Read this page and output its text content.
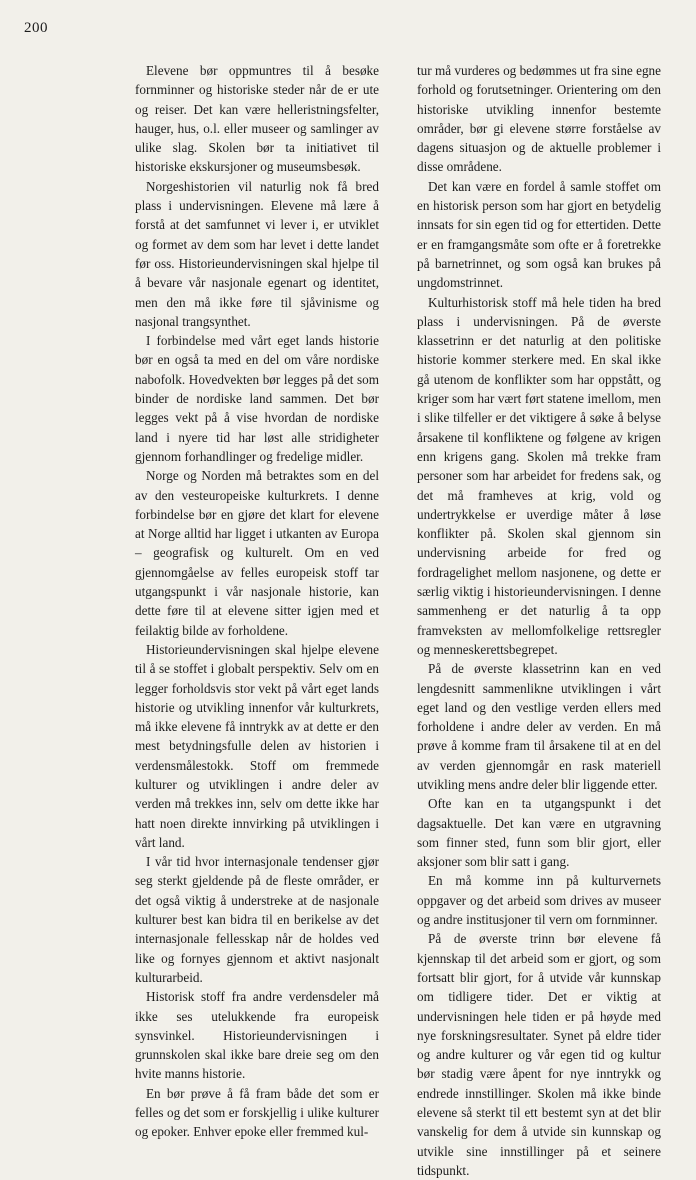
200

Elevene bør oppmuntres til å besøke fornminner og historiske steder når de er ute og reiser. Det kan være helleristningsfelter, hauger, hus, o.l. eller museer og samlinger av ulike slag. Skolen bør ta initiativet til historiske ekskursjoner og museumsbesøk.

Norgeshistorien vil naturlig nok få bred plass i undervisningen. Elevene må lære å forstå at det samfunnet vi lever i, er utviklet og formet av dem som har levet i dette landet før oss. Historieundervisningen skal hjelpe til å bevare vår nasjonale egenart og identitet, men den må ikke føre til sjåvinisme og nasjonal trangsynthet.

I forbindelse med vårt eget lands historie bør en også ta med en del om våre nordiske nabofolk. Hovedvekten bør legges på det som binder de nordiske land sammen. Det bør legges vekt på å vise hvordan de nordiske land i nyere tid har løst alle stridigheter gjennom forhandlinger og fredelige midler.

Norge og Norden må betraktes som en del av den vesteuropeiske kulturkrets. I denne forbindelse bør en gjøre det klart for elevene at Norge alltid har ligget i utkanten av Europa – geografisk og kulturelt. Om en ved gjennomgåelse av felles europeisk stoff tar utgangspunkt i vår nasjonale historie, kan dette føre til at elevene sitter igjen med et feilaktig bilde av forholdene.

Historieundervisningen skal hjelpe elevene til å se stoffet i globalt perspektiv. Selv om en legger forholdsvis stor vekt på vårt eget lands historie og utvikling innenfor vår kulturkrets, må ikke elevene få inntrykk av at dette er den mest betydningsfulle delen av historien i verdensmålestokk. Stoff om fremmede kulturer og utviklingen i andre deler av verden må trekkes inn, selv om dette ikke har hatt noen direkte innvirking på utviklingen i vårt land.

I vår tid hvor internasjonale tendenser gjør seg sterkt gjeldende på de fleste områder, er det også viktig å understreke at de nasjonale kulturer best kan bidra til en berikelse av det internasjonale fellesskap når de holdes ved like og fornyes gjennom et aktivt nasjonalt kulturarbeid.

Historisk stoff fra andre verdensdeler må ikke ses utelukkende fra europeisk synsvinkel. Historieundervisningen i grunnskolen skal ikke bare dreie seg om den hvite manns historie.

En bør prøve å få fram både det som er felles og det som er forskjellig i ulike kulturer og epoker. Enhver epoke eller fremmed kul-

tur må vurderes og bedømmes ut fra sine egne forhold og forutsetninger. Orientering om den historiske utvikling innenfor bestemte områder, bør gi elevene større forståelse av dagens situasjon og de aktuelle problemer i disse områdene.

Det kan være en fordel å samle stoffet om en historisk person som har gjort en betydelig innsats for sin egen tid og for ettertiden. Dette er en framgangsmåte som ofte er å foretrekke på barnetrinnet, og som også kan brukes på ungdomstrinnet.

Kulturhistorisk stoff må hele tiden ha bred plass i undervisningen. På de øverste klassetrinn er det naturlig at den politiske historie kommer sterkere med. En skal ikke gå utenom de konflikter som har oppstått, og kriger som har vært ført statene imellom, men i slike tilfeller er det viktigere å søke å belyse årsakene til konfliktene og følgene av krigen enn krigens gang. Skolen må trekke fram personer som har arbeidet for fredens sak, og det må framheves at krig, vold og undertrykkelse er uverdige måter å løse konflikter på. Skolen skal gjennom sin undervisning arbeide for fred og fordragelighet mellom nasjonene, og dette er særlig viktig i historieundervisningen. I denne sammenheng er det naturlig å ta opp framveksten av mellomfolkelige rettsregler og menneskerettsbegrepet.

På de øverste klassetrinn kan en ved lengdesnitt sammenlikne utviklingen i vårt eget land og den vestlige verden ellers med forholdene i andre deler av verden. En må prøve å komme fram til årsakene til at en del av verden gjennomgår en rask materiell utvikling mens andre deler blir liggende etter.

Ofte kan en ta utgangspunkt i det dagsaktuelle. Det kan være en utgravning som finner sted, funn som blir gjort, eller aksjoner som blir satt i gang.

En må komme inn på kulturvernets oppgaver og det arbeid som drives av museer og andre institusjoner til vern om fornminner.

På de øverste trinn bør elevene få kjennskap til det arbeid som er gjort, og som fortsatt blir gjort, for å utvide vår kunnskap om tidligere tider. Det er viktig at undervisningen hele tiden er på høyde med nye forskningsresultater. Synet på eldre tider og andre kulturer og vår egen tid og kultur bør stadig være åpent for nye inntrykk og endrede innstillinger. Skolen må ikke binde elevene så sterkt til ett bestemt syn at det blir vanskelig for dem å utvide sin kunnskap og utvikle sine innstillinger på et seinere tidspunkt.
